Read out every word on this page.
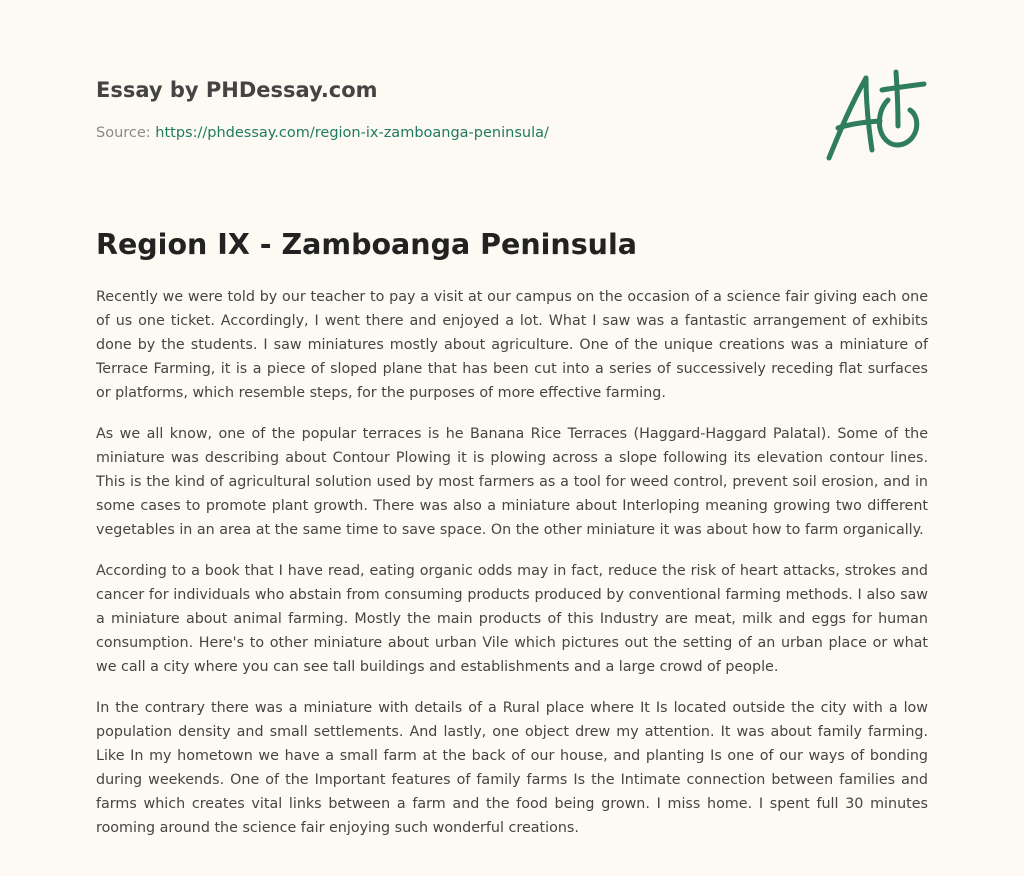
Essay by PHDessay.com
Source: https://phdessay.com/region-ix-zamboanga-peninsula/
Region IX - Zamboanga Peninsula

Recently we were told by our teacher to pay a visit at our campus on the occasion of a science fair giving each one of us one ticket. Accordingly, I went there and enjoyed a lot. What I saw was a fantastic arrangement of exhibits done by the students. I saw miniatures mostly about agriculture. One of the unique creations was a miniature of Terrace Farming, it is a piece of sloped plane that has been cut into a series of successively receding flat surfaces or platforms, which resemble steps, for the purposes of more effective farming.

As we all know, one of the popular terraces is he Banana Rice Terraces (Haggard-Haggard Palatal). Some of the miniature was describing about Contour Plowing it is plowing across a slope following its elevation contour lines. This is the kind of agricultural solution used by most farmers as a tool for weed control, prevent soil erosion, and in some cases to promote plant growth. There was also a miniature about Interloping meaning growing two different vegetables in an area at the same time to save space. On the other miniature it was about how to farm organically.

According to a book that I have read, eating organic odds may in fact, reduce the risk of heart attacks, strokes and cancer for individuals who abstain from consuming products produced by conventional farming methods. I also saw a miniature about animal farming. Mostly the main products of this Industry are meat, milk and eggs for human consumption. Here's to other miniature about urban Vile which pictures out the setting of an urban place or what we call a city where you can see tall buildings and establishments and a large crowd of people.

In the contrary there was a miniature with details of a Rural place where It Is located outside the city with a low population density and small settlements. And lastly, one object drew my attention. It was about family farming. Like In my hometown we have a small farm at the back of our house, and planting Is one of our ways of bonding during weekends. One of the Important features of family farms Is the Intimate connection between families and farms which creates vital links between a farm and the food being grown. I miss home. I spent full 30 minutes rooming around the science fair enjoying such wonderful creations.
